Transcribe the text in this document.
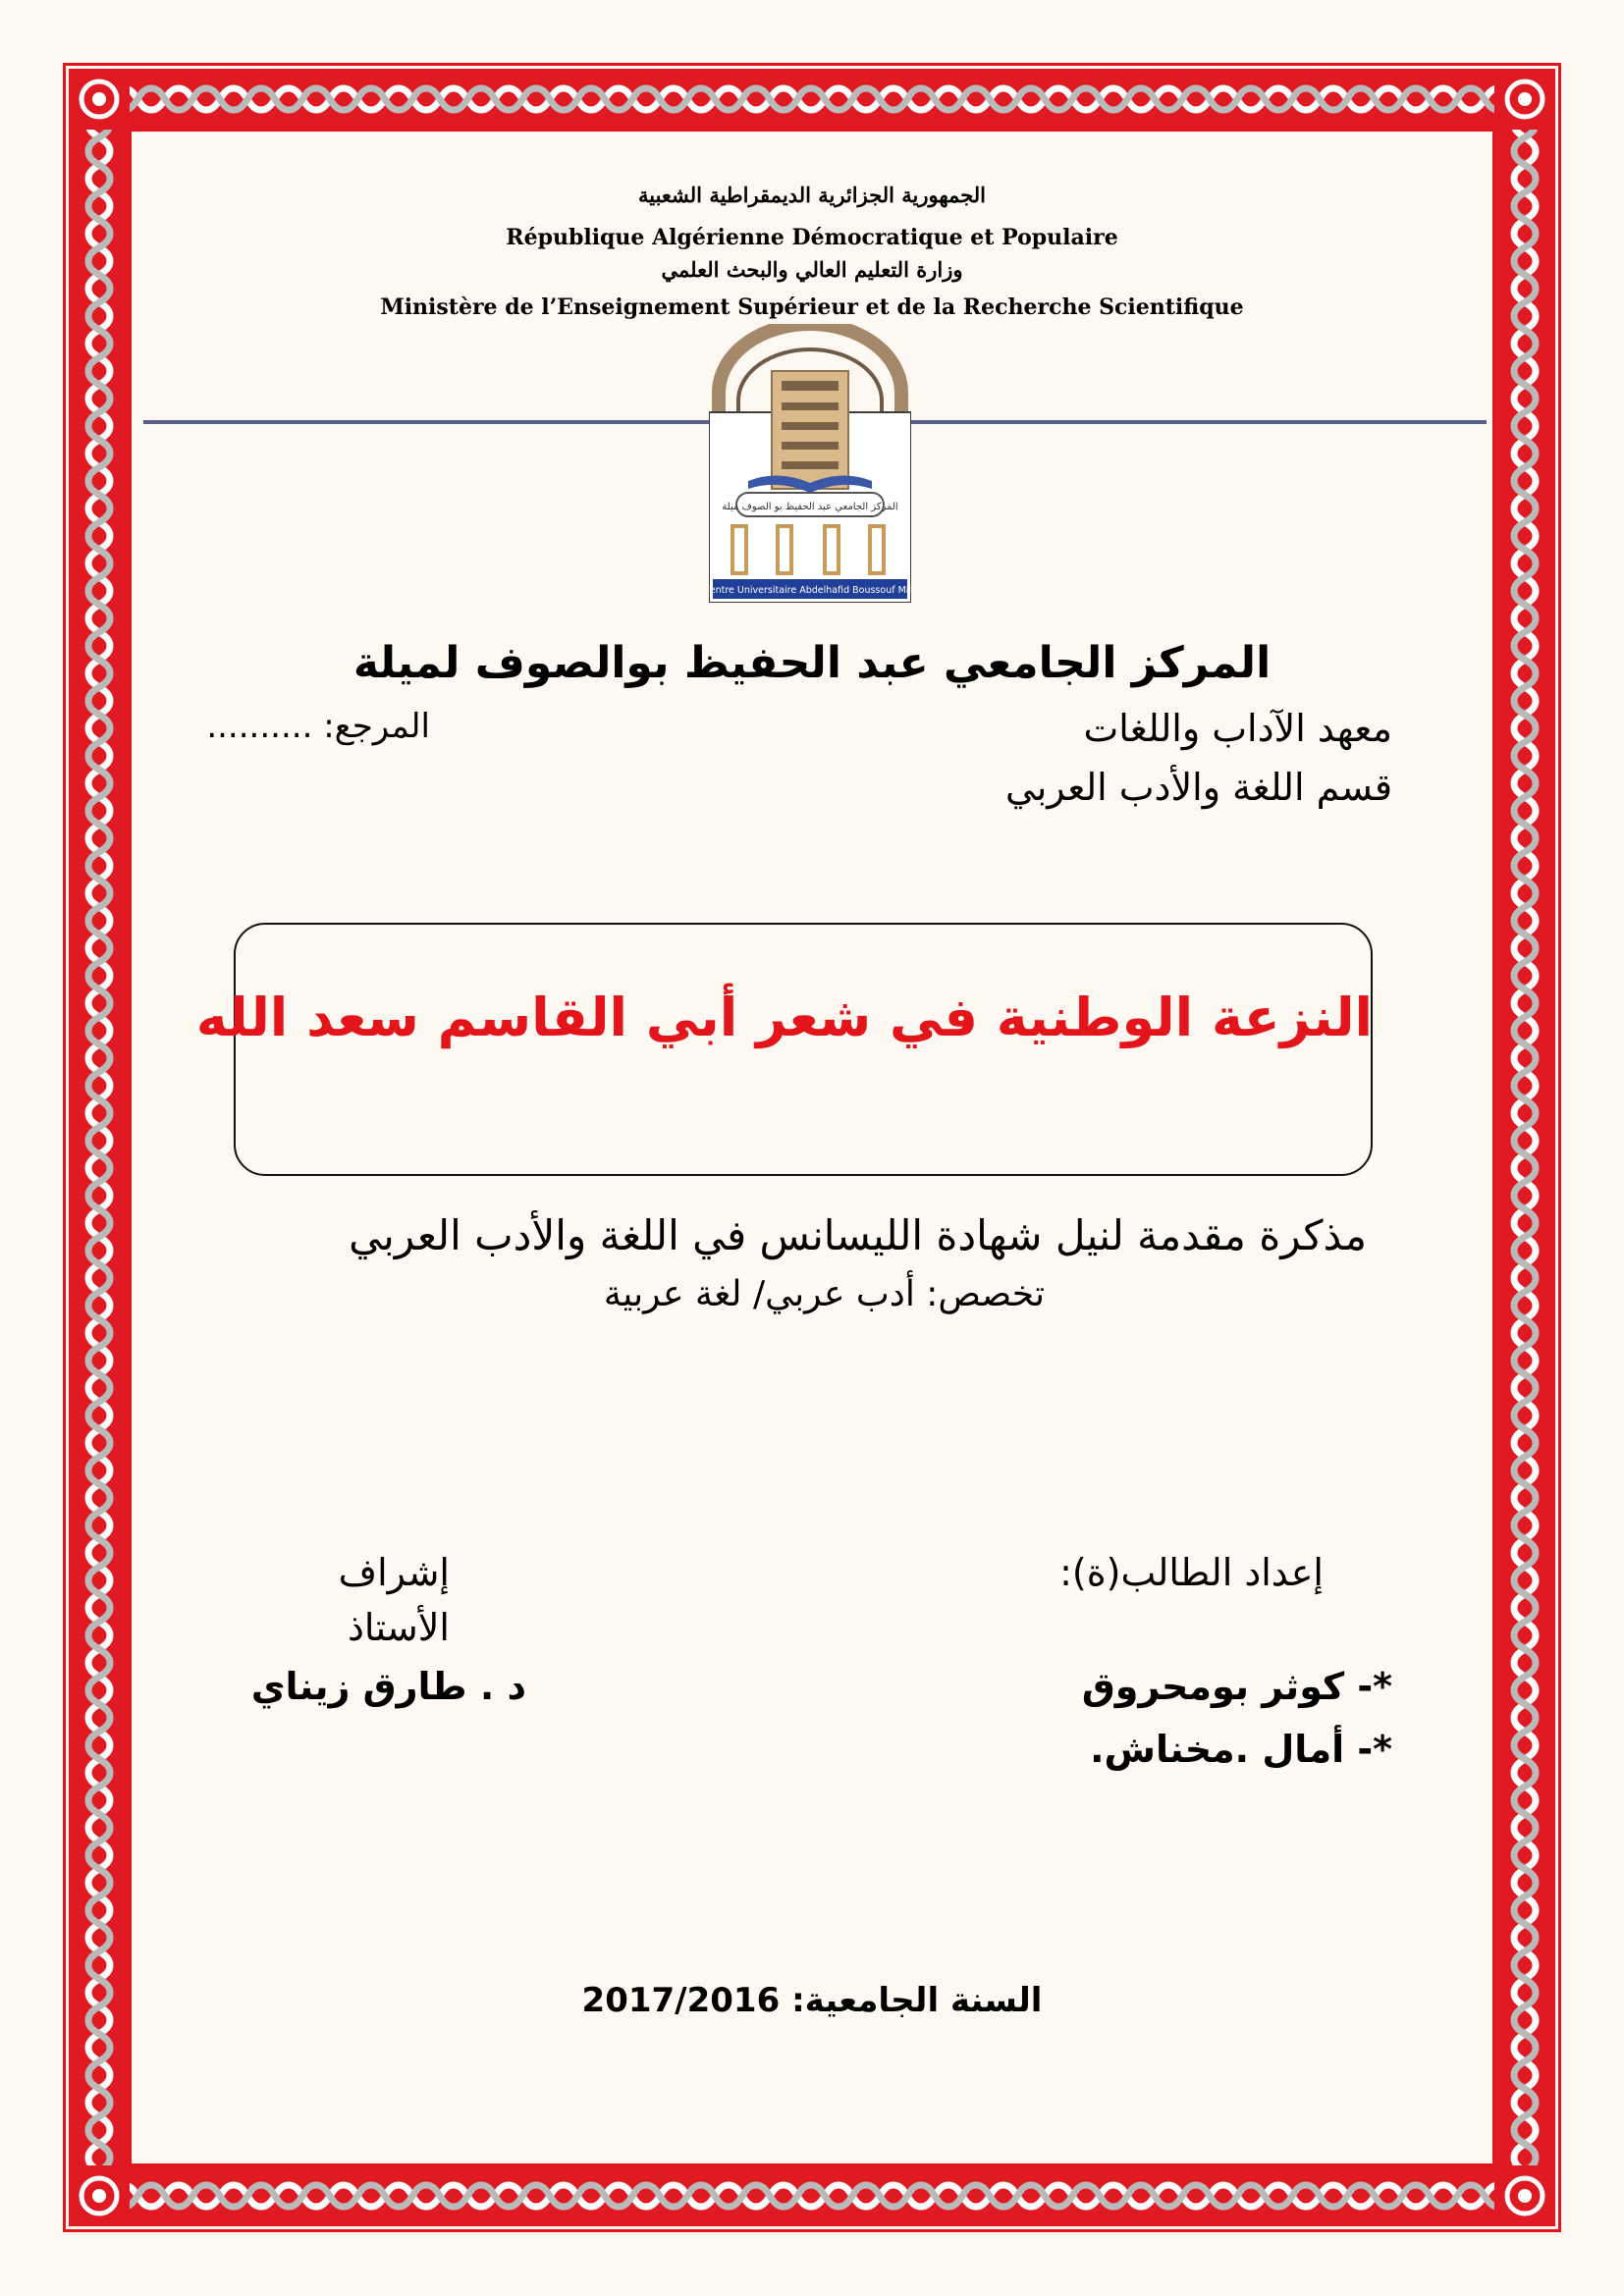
الجمهورية الجزائرية الديمقراطية الشعبية
République Algérienne Démocratique et Populaire
وزارة التعليم العالي والبحث العلمي
Ministère de l’Enseignement Supérieur et de la Recherche Scientifique
المركز الجامعي عبد الحفيظ بو الصوف ميلة
Centre Universitaire Abdelhafid Boussouf Mila
المركز الجامعي عبد الحفيظ بوالصوف لميلة
معهد الآداب واللغات
المرجع: ..........
قسم اللغة والأدب العربي
النزعة الوطنية في شعر أبي القاسم سعد الله
مذكرة مقدمة لنيل شهادة الليسانس في اللغة والأدب العربي
تخصص: أدب عربي/ لغة عربية
إعداد الطالب(ة):
*- كوثر بومحروق
*- أمال .مخناش.
إشراف
الأستاذ
د . طارق زيناي
السنة الجامعية: 2017/2016
